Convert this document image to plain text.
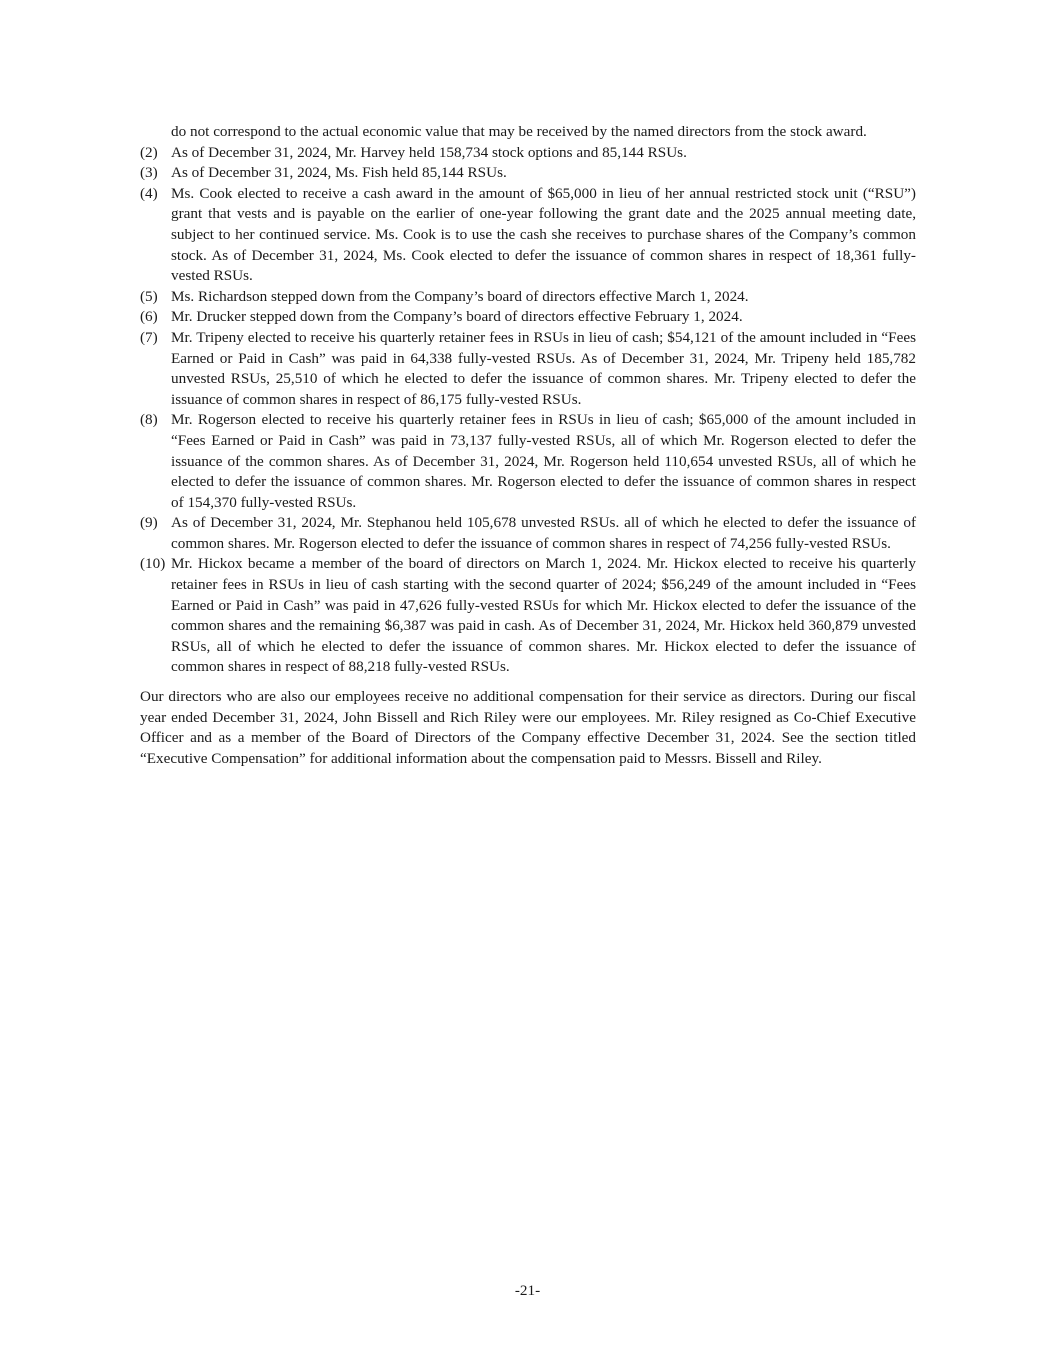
do not correspond to the actual economic value that may be received by the named directors from the stock award.
(2) As of December 31, 2024, Mr. Harvey held 158,734 stock options and 85,144 RSUs.
(3) As of December 31, 2024, Ms. Fish held 85,144 RSUs.
(4) Ms. Cook elected to receive a cash award in the amount of $65,000 in lieu of her annual restricted stock unit (“RSU”) grant that vests and is payable on the earlier of one-year following the grant date and the 2025 annual meeting date, subject to her continued service. Ms. Cook is to use the cash she receives to purchase shares of the Company’s common stock. As of December 31, 2024, Ms. Cook elected to defer the issuance of common shares in respect of 18,361 fully-vested RSUs.
(5) Ms. Richardson stepped down from the Company’s board of directors effective March 1, 2024.
(6) Mr. Drucker stepped down from the Company’s board of directors effective February 1, 2024.
(7) Mr. Tripeny elected to receive his quarterly retainer fees in RSUs in lieu of cash; $54,121 of the amount included in “Fees Earned or Paid in Cash” was paid in 64,338 fully-vested RSUs. As of December 31, 2024, Mr. Tripeny held 185,782 unvested RSUs, 25,510 of which he elected to defer the issuance of common shares. Mr. Tripeny elected to defer the issuance of common shares in respect of 86,175 fully-vested RSUs.
(8) Mr. Rogerson elected to receive his quarterly retainer fees in RSUs in lieu of cash; $65,000 of the amount included in “Fees Earned or Paid in Cash” was paid in 73,137 fully-vested RSUs, all of which Mr. Rogerson elected to defer the issuance of the common shares. As of December 31, 2024, Mr. Rogerson held 110,654 unvested RSUs, all of which he elected to defer the issuance of common shares. Mr. Rogerson elected to defer the issuance of common shares in respect of 154,370 fully-vested RSUs.
(9) As of December 31, 2024, Mr. Stephanou held 105,678 unvested RSUs. all of which he elected to defer the issuance of common shares. Mr. Rogerson elected to defer the issuance of common shares in respect of 74,256 fully-vested RSUs.
(10) Mr. Hickox became a member of the board of directors on March 1, 2024. Mr. Hickox elected to receive his quarterly retainer fees in RSUs in lieu of cash starting with the second quarter of 2024; $56,249 of the amount included in “Fees Earned or Paid in Cash” was paid in 47,626 fully-vested RSUs for which Mr. Hickox elected to defer the issuance of the common shares and the remaining $6,387 was paid in cash. As of December 31, 2024, Mr. Hickox held 360,879 unvested RSUs, all of which he elected to defer the issuance of common shares. Mr. Hickox elected to defer the issuance of common shares in respect of 88,218 fully-vested RSUs.
Our directors who are also our employees receive no additional compensation for their service as directors. During our fiscal year ended December 31, 2024, John Bissell and Rich Riley were our employees. Mr. Riley resigned as Co-Chief Executive Officer and as a member of the Board of Directors of the Company effective December 31, 2024. See the section titled “Executive Compensation” for additional information about the compensation paid to Messrs. Bissell and Riley.
-21-
